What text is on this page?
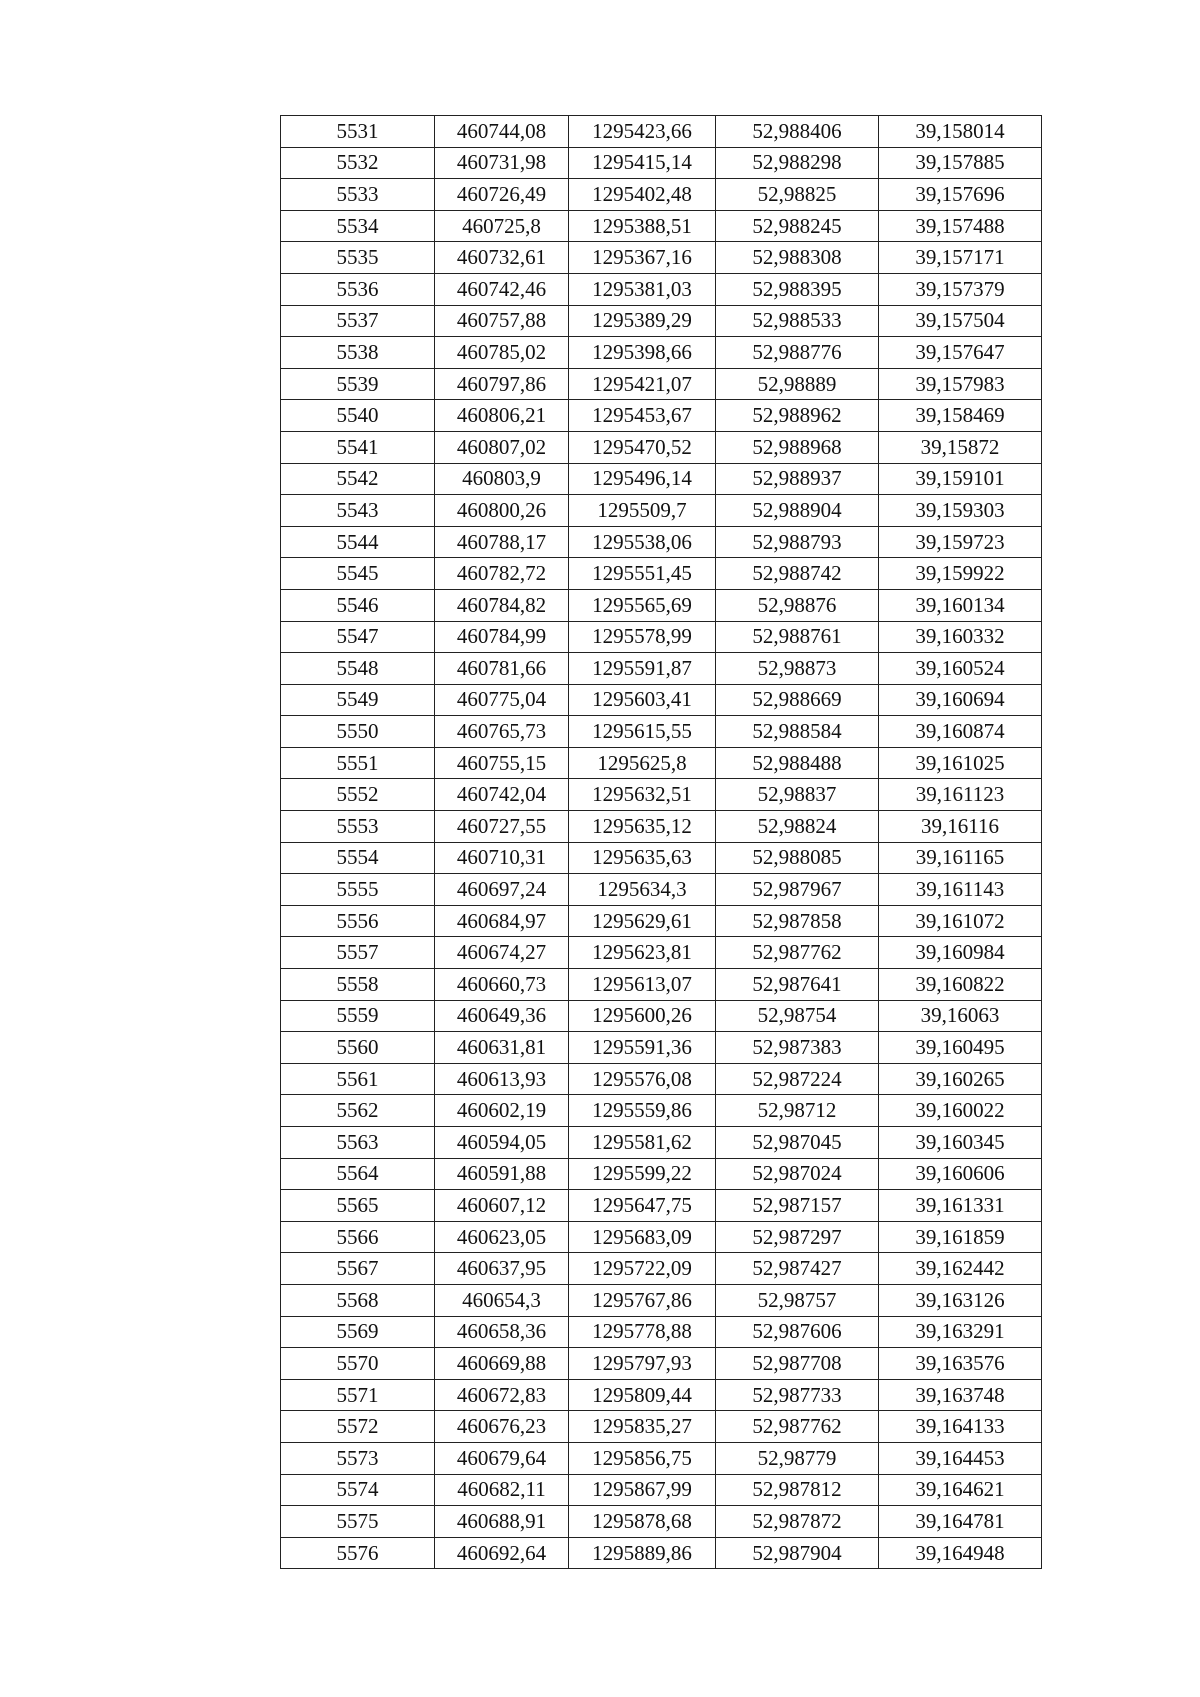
5531	460744,08	1295423,66	52,988406	39,158014
5532	460731,98	1295415,14	52,988298	39,157885
5533	460726,49	1295402,48	52,98825	39,157696
5534	460725,8	1295388,51	52,988245	39,157488
5535	460732,61	1295367,16	52,988308	39,157171
5536	460742,46	1295381,03	52,988395	39,157379
5537	460757,88	1295389,29	52,988533	39,157504
5538	460785,02	1295398,66	52,988776	39,157647
5539	460797,86	1295421,07	52,98889	39,157983
5540	460806,21	1295453,67	52,988962	39,158469
5541	460807,02	1295470,52	52,988968	39,15872
5542	460803,9	1295496,14	52,988937	39,159101
5543	460800,26	1295509,7	52,988904	39,159303
5544	460788,17	1295538,06	52,988793	39,159723
5545	460782,72	1295551,45	52,988742	39,159922
5546	460784,82	1295565,69	52,98876	39,160134
5547	460784,99	1295578,99	52,988761	39,160332
5548	460781,66	1295591,87	52,98873	39,160524
5549	460775,04	1295603,41	52,988669	39,160694
5550	460765,73	1295615,55	52,988584	39,160874
5551	460755,15	1295625,8	52,988488	39,161025
5552	460742,04	1295632,51	52,98837	39,161123
5553	460727,55	1295635,12	52,98824	39,16116
5554	460710,31	1295635,63	52,988085	39,161165
5555	460697,24	1295634,3	52,987967	39,161143
5556	460684,97	1295629,61	52,987858	39,161072
5557	460674,27	1295623,81	52,987762	39,160984
5558	460660,73	1295613,07	52,987641	39,160822
5559	460649,36	1295600,26	52,98754	39,16063
5560	460631,81	1295591,36	52,987383	39,160495
5561	460613,93	1295576,08	52,987224	39,160265
5562	460602,19	1295559,86	52,98712	39,160022
5563	460594,05	1295581,62	52,987045	39,160345
5564	460591,88	1295599,22	52,987024	39,160606
5565	460607,12	1295647,75	52,987157	39,161331
5566	460623,05	1295683,09	52,987297	39,161859
5567	460637,95	1295722,09	52,987427	39,162442
5568	460654,3	1295767,86	52,98757	39,163126
5569	460658,36	1295778,88	52,987606	39,163291
5570	460669,88	1295797,93	52,987708	39,163576
5571	460672,83	1295809,44	52,987733	39,163748
5572	460676,23	1295835,27	52,987762	39,164133
5573	460679,64	1295856,75	52,98779	39,164453
5574	460682,11	1295867,99	52,987812	39,164621
5575	460688,91	1295878,68	52,987872	39,164781
5576	460692,64	1295889,86	52,987904	39,164948
